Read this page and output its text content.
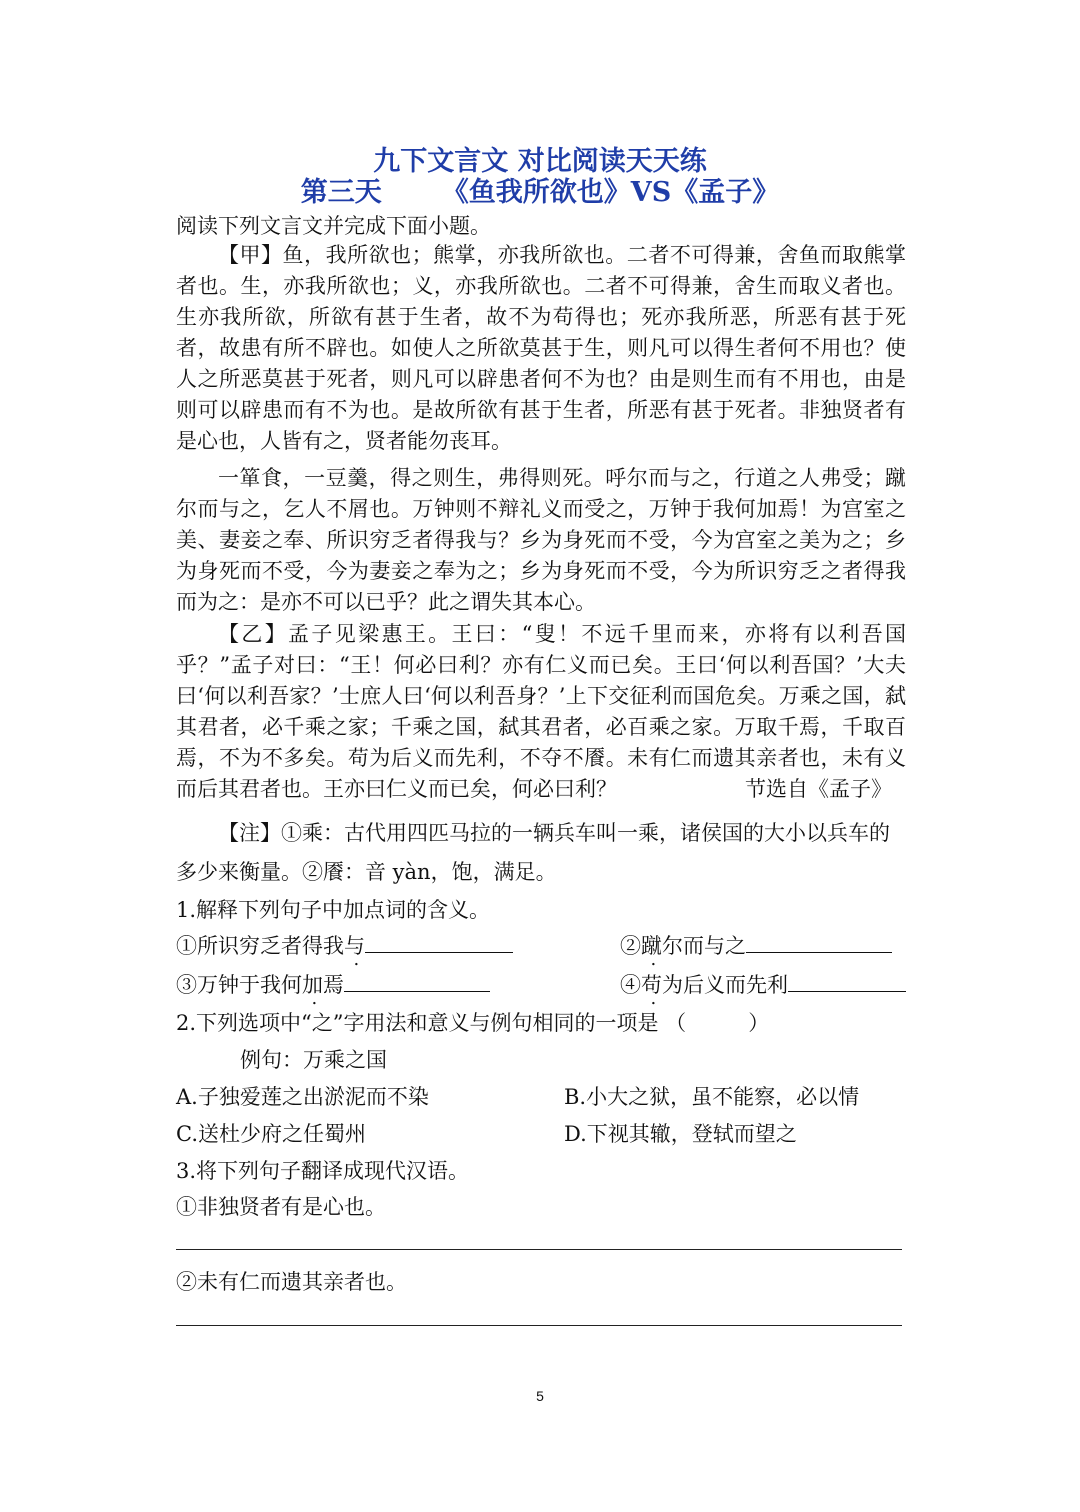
九下文言文 对比阅读天天练
第三天 《鱼我所欲也》VS《孟子》
阅读下列文言文并完成下面小题。

【甲】鱼，我所欲也；熊掌，亦我所欲也。二者不可得兼，舍鱼而取熊掌者也。生，亦我所欲也；义，亦我所欲也。二者不可得兼，舍生而取义者也。生亦我所欲，所欲有甚于生者，故不为苟得也；死亦我所恶，所恶有甚于死者，故患有所不辟也。如使人之所欲莫甚于生，则凡可以得生者何不用也？使人之所恶莫甚于死者，则凡可以辟患者何不为也？由是则生而有不用也，由是则可以辟患而有不为也。是故所欲有甚于生者，所恶有甚于死者。非独贤者有是心也，人皆有之，贤者能勿丧耳。

一箪食，一豆羹，得之则生，弗得则死。呼尔而与之，行道之人弗受；蹴尔而与之，乞人不屑也。万钟则不辩礼义而受之，万钟于我何加焉！为宫室之美、妻妾之奉、所识穷乏者得我与？乡为身死而不受，今为宫室之美为之；乡为身死而不受，今为妻妾之奉为之；乡为身死而不受，今为所识穷乏之者得我而为之：是亦不可以已乎？此之谓失其本心。

【乙】孟子见梁惠王。王曰：“叟！不远千里而来，亦将有以利吾国乎？”孟子对曰：“王！何必曰利？亦有仁义而已矣。王曰‘何以利吾国？’大夫曰‘何以利吾家？’士庶人曰‘何以利吾身？’上下交征利而国危矣。万乘之国，弑其君者，必千乘之家；千乘之国，弑其君者，必百乘之家。万取千焉，千取百焉，不为不多矣。苟为后义而先利，不夺不餍。未有仁而遗其亲者也，未有义而后其君者也。王亦曰仁义而已矣，何必曰利？	节选自《孟子》

【注】①乘：古代用四匹马拉的一辆兵车叫一乘，诸侯国的大小以兵车的多少来衡量。②餍：音 yàn，饱，满足。

1.解释下列句子中加点词的含义。
①所识穷乏者得我与	②蹴尔而与之
③万钟于我何加焉	④苟为后义而先利
2.下列选项中“之”字用法和意义与例句相同的一项是 （	）
例句：万乘之国
A.子独爱莲之出淤泥而不染	B.小大之狱，虽不能察，必以情
C.送杜少府之任蜀州	D.下视其辙，登轼而望之
3.将下列句子翻译成现代汉语。
①非独贤者有是心也。
②未有仁而遗其亲者也。
5
